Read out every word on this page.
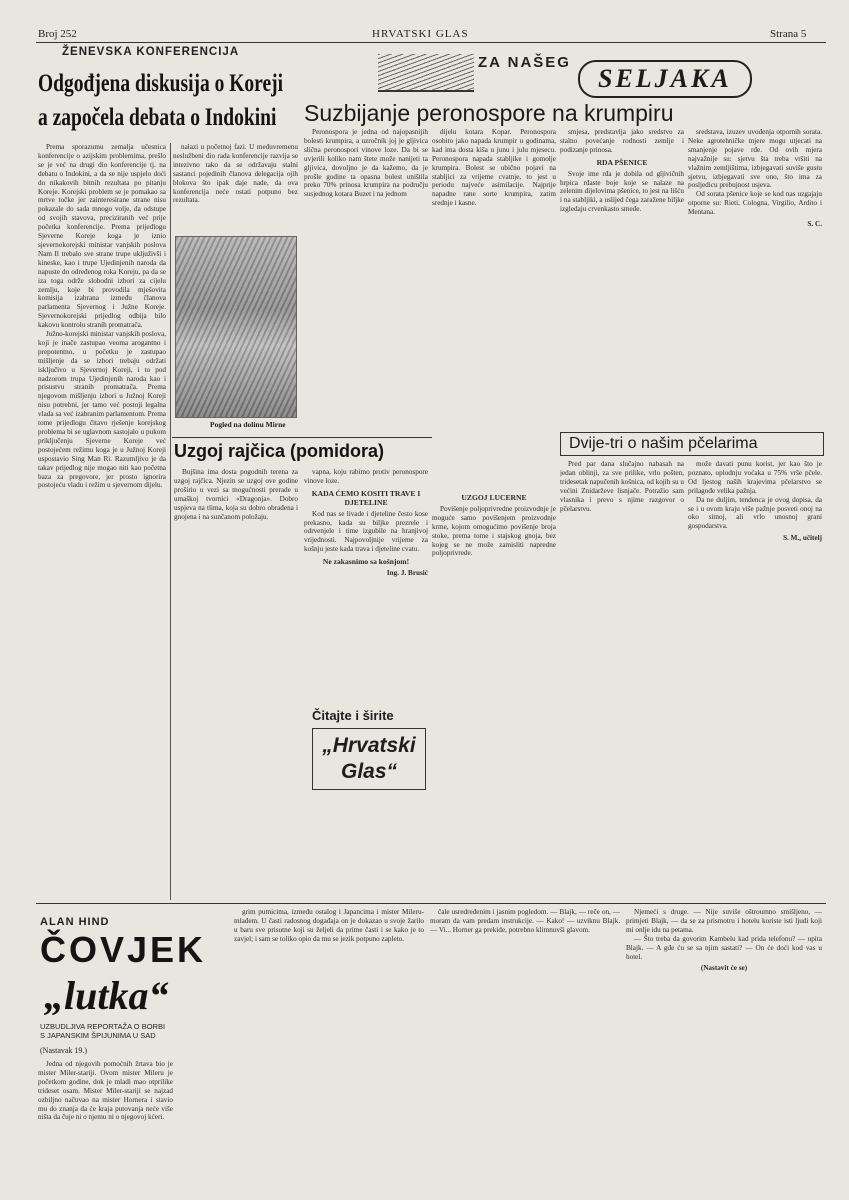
Broj 252	HRVATSKI GLAS	Strana 5
ŽENEVSKA KONFERENCIJA
Odgođjena diskusija o Koreji
a započela debata o Indokini

Prema sporazumu zemalja učesnica konferencije o azijskim problemima, prešlo se je već na drugi dio konferencije tj. na debatu o Indokini, a da se nije uspjelo doći do nikakovih bitnih rezultata po pitanju Koreje. Korejski problem se je pomakao sa mrtve točke jer zainteresirane strane nisu pokazale do sada mnogo volje, da odstupe od svojih stavova, preciziranih već prije početka konferencije. Prema prijedlogu Sjeverne Koreje koga je iznio sjevernokorejski ministar vanjskih poslova Nam Il trebalo sve strane trupe ukljuživši i kineske, kao i trupe Ujedinjenih naroda da napuste do određenog roka Koreju, pa da se iza toga održe slobodni izbori za cijelu zemlju, koje bi provodila mješovita komisija izabrana između članova parlamenta Sjevernog i Južne Koreje. Sjevernokorejski prijedlog odbija bilo kakovu kontrolu stranih promatrača.

Južno-korejski ministar vanjskih poslova, koji je inače zastupao veoma arogantno i prepotentno, u početku je zastupao mišljenje da se izbori trebaju održati isključivo u Sjevernoj Koreji, i to pod nadzorom trupa Ujedinjenih naroda kao i prisustvu stranih promatrača. Prema njegovom mišljenju izbori u Južnoj Koreji nisu potrebni, jer tamo već postoji legalna vlada sa već izabranim parlamentom. Prema tome prijedlogu čitavo rješenje korejskog problema bi se uglavnom sastojalo u pukom priključenju Sjeverne Koreje već postojećem režimu koga je u Južnoj Koreji uspostavio Sing Man Ri. Razumljivo je da takav prijedlog nije mogao niti kao početna baza za pregovore, jer prosto ignorira postojeću vladu i režim u sjevernom dijelu.

nalazi u početnoj fazi. U međuvremenu neslužbeni dio rada konferencije razvija se intezivno tako da se održavaju stalni sastanci pojedinih članova delegacija ojih blokova što ipak daje nade, da ova konferencija neće ostati potpuno bez rezultata.

Pogled na dolinu Mirne
ZA NAŠEG
SELJAKA
Suzbijanje peronospore na krumpiru

Peronospora je jedna od najopasnijih bolesti krumpira, a uzročnik joj je gljivica slična peronospori vinove loze. Da bi se uvjerili koliko nam štete može nanijeti ta gljivica, dovoljno je da kažemo, da je prošle godine ta opasna bolest uništila preko 70% prinosa krumpira na području susjednog kotara Buzet i na jednom

dijelu kotara Kopar. Peronospora osobito jako napada krumpir u godinama, kad ima dosta kiša u junu i julu mjesecu. Peronospora napada stabljike i gomolje krumpira. Bolest se obično pojavi na stabljici za vrijeme cvatnje, to jest u periodu najveće asimilacije. Najprije napadne rane sorte krumpira, zatim srednje i kasne.

smjesa, predstavlja jako sredstvo za stalno povećanje rodnosti zemlje i podizanje prinosa.

RDA PŠENICE

Svoje ime rđa je dobila od gljivičnih hrpica rđaste boje koje se nalaze na zelenim dijelovima pšenice, to jest na lišću i na stabljiki, a uslijed čega zaražene biljke izgledaju crvenkasto smeđe.

sredstava, izuzev uvođenja otpornih sorata. Neke agrotehničke mjere mogu utjecati na smanjenje pojave rđe. Od ovih mjera najvažnije su: sjetvu šta treba vršiti na vlažnim zemljištima, izbjegavati suviše gustu sjetvu, izbjegavati sve ono, što ima za posljedicu prebujnost usjeva.

Od sorata pšenice koje se kod nas uzgajaju otporne su: Rieti, Cologna, Virgilio, Ardito i Mentana.

S. C.
Uzgoj rajčica (pomidora)

Bujšina ima dosta pogodnih terena za uzgoj rajčica. Njezin se uzgoj ove godine proširio u vezi sa mogućnosti prerade u umaškoj tvornici «Dragonja». Dobro uspjeva na tlima, koja su dobro obrađena i gnojena i na sunčanom položaju.

vapna, koju rabimo protiv peronospore vinove loze.

KADA ĆEMO KOSITI TRAVE I DJETELINE

Kod nas se livade i djeteline često kose prekasno, kada su biljke prezrele i odrvenjele i time izgubile na hranjivoj vrijednosti. Najpovoljnije vrijeme za košnju jeste kada trava i djeteline cvatu.

Ne zakasnimo sa košnjom!
Ing. J. Brusić
Čitajte i širite
„Hrvatski Glas“
UZGOJ LUCERNE

Povišenje poljoprivredne proizvodnje je moguće samo povišenjem proizvodnje krme, kojom omogućimo povišenje broja stoke, prema tome i stajskog gnoja, bez kojeg se ne može zamisliti napredne poljoprivrede.

Dvije-tri o našim pčelarima

Pred par dana slučajno nabasah na jedan oblinji, za sve prilike, vrlo pošten, tridesetak napučenih košnica, od kojih su u većini Znidarževe lisnjače. Potražio sam vlasnika i prevo s njime razgovor o pčelarstvu.

može davati punu korist, jer kao što je poznato, oplodnju voćaka u 75% vrše pčele. Od ljestog naših krajevima pčelarstvo se prilagođe velika pažnja.

Da ne duljim, tendenca je ovog dopisa, da se i u ovom kraju više pažnje posveti onoj na oko sitnoj, ali vrlo unosnoj grani gospodarstva.

S. M., učitelj
ALAN HIND
ČOVJEK
„lutka“
UZBUDLJIVA REPORTAŽA O BORBI S JAPANSKIM ŠPIJUNIMA U SAD
(Nastavak 19.)

Jedna od njegovih pomoćnih žrtava bio je mister Miler-stariji. Ovom mister Mileru je početkom godine, dok je mladi mao otprilike trideset osam. Mister Miler-stariji se najzad ozbiljno načuvao na mister Hornera i stavio mu do znanja da će kraja putovanja neće više ništa da čuje ni o njemu ni o njegovoj kćeri.

grim putnicima, između ostalog i Japancima i mister Mileru-mlađem. U časti radosnog događaja on je dokazao u svoje žarilo u baru sve prisutne koji su željeli da prime časti i se kako je to zavjel; i sam se toliko opio da mu se jezik potpuno zapleto.

čale usredređenim i jasnim pogledom. — Blajk, — reče on, — moram da vam predam instrukcije. — Kako! — uzviknu Blajk. — Vi... Horner ga prekide, potrebno klimnuvši glavom.

Njemeći s druge. — Nije suviše oštroumno smišljeno, — primjeti Blajk, — da se za prismotru i hotelu koriste isti ljudi koji mi onlje idu na petama.

— Što treba da govorim Kambelu kad prida telefonu? — upita Blajk. — A gđe ću se sa njim sastati? — On će doći kod vas u hotel.

(Nastavit će se)
